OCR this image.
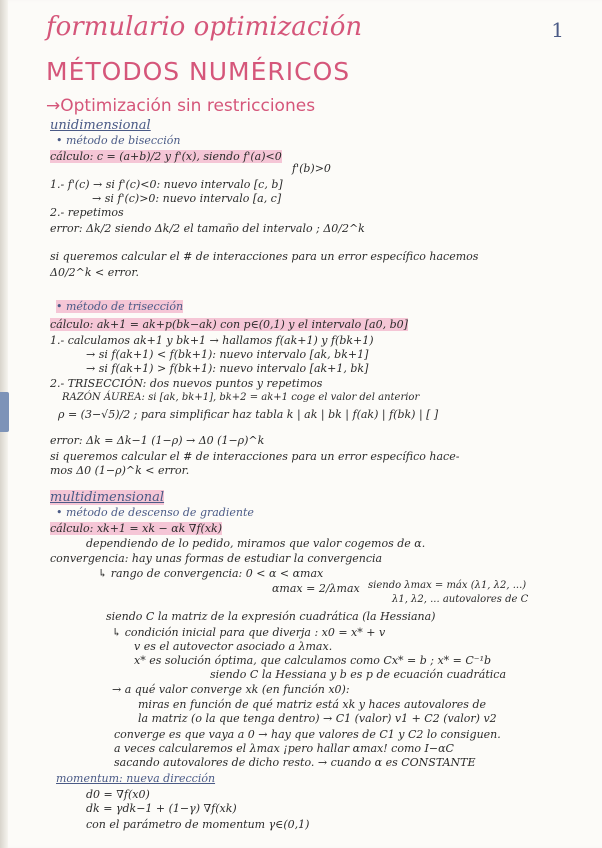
formulario optimización	1
MÉTODOS NUMÉRICOS
→Optimización sin restricciones
unidimensional
• método de bisección
cálculo: c = (a+b)/2 y f'(x), siendo f'(a)<0
f'(b)>0
1.- f'(c) → si f'(c)<0: nuevo intervalo [c, b]
→ si f'(c)>0: nuevo intervalo [a, c]
2.- repetimos
error: Δk/2 siendo Δk/2 el tamaño del intervalo ; Δ0/2^k
si queremos calcular el # de interacciones para un error específico hacemos
Δ0/2^k < error.
• método de trisección
cálculo: ak+1 = ak+p(bk−ak) con p∈(0,1) y el intervalo [a0, b0]
1.- calculamos ak+1 y bk+1 → hallamos f(ak+1) y f(bk+1)
→ si f(ak+1) < f(bk+1): nuevo intervalo [ak, bk+1]
→ si f(ak+1) > f(bk+1): nuevo intervalo [ak+1, bk]
2.- TRISECCIÓN: dos nuevos puntos y repetimos
RAZÓN ÁUREA: si [ak, bk+1], bk+2 = ak+1 coge el valor del anterior
ρ = (3−√5)/2 ; para simplificar haz tabla k | ak | bk | f(ak) | f(bk) | [ ]
error: Δk = Δk−1 (1−ρ) → Δ0 (1−ρ)^k
si queremos calcular el # de interacciones para un error específico hace-
mos Δ0 (1−ρ)^k < error.
multidimensional
• método de descenso de gradiente
cálculo: xk+1 = xk − αk ∇f(xk)
dependiendo de lo pedido, miramos que valor cogemos de α.
convergencia: hay unas formas de estudiar la convergencia
↳ rango de convergencia: 0 < α < αmax
αmax = 2/λmax siendo λmax = máx (λ1, λ2, ...)
λ1, λ2, ... autovalores de C
siendo C la matriz de la expresión cuadrática (la Hessiana)
↳ condición inicial para que diverja : x0 = x* + v
v es el autovector asociado a λmax.
x* es solución óptima, que calculamos como Cx* = b ; x* = C⁻¹b
siendo C la Hessiana y b es p de ecuación cuadrática
→ a qué valor converge xk (en función x0):
miras en función de qué matriz está xk y haces autovalores de
la matriz (o la que tenga dentro) → C1 (valor) v1 + C2 (valor) v2
converge es que vaya a 0 → hay que valores de C1 y C2 lo consiguen.
a veces calcularemos el λmax ¡pero hallar αmax! como I−αC
sacando autovalores de dicho resto. → cuando α es CONSTANTE
momentum: nueva dirección
d0 = ∇f(x0)
dk = γdk−1 + (1−γ) ∇f(xk)
con el parámetro de momentum γ∈(0,1)
